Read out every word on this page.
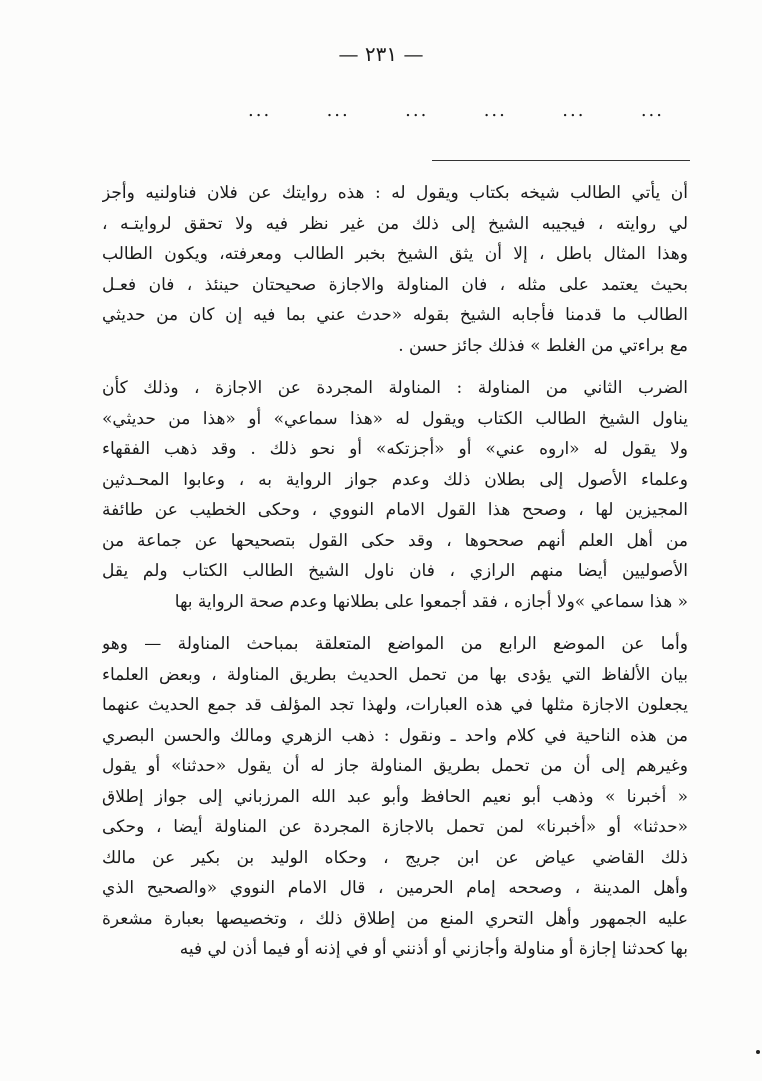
— ٢٣١ —
...	...	...	...	...	...

أن يأتي الطالب شيخه بكتاب ويقول له : هذه روايتك عن فلان فناولنيه وأجز
لي روايته ، فيجيبه الشيخ إلى ذلك من غير نظر فيه ولا تحقق لروايتـه ،
وهذا المثال باطل ، إلا أن يثق الشيخ بخبر الطالب ومعرفته، ويكون الطالب
بحيث يعتمد على مثله ، فان المناولة والاجازة صحيحتان حينئذ ، فان فعـل
الطالب ما قدمنا فأجابه الشيخ بقوله «حدث عني بما فيه إن كان من حديثي
مع براءتي من الغلط » فذلك جائز حسن .

الضرب الثاني من المناولة : المناولة المجردة عن الاجازة ، وذلك كأن
يناول الشيخ الطالب الكتاب ويقول له «هذا سماعي» أو «هذا من حديثي»
ولا يقول له «اروه عني» أو «أجزتكه» أو نحو ذلك . وقد ذهب الفقهاء
وعلماء الأصول إلى بطلان ذلك وعدم جواز الرواية به ، وعابوا المحـدثين
المجيزين لها ، وصحح هذا القول الامام النووي ، وحكى الخطيب عن طائفة
من أهل العلم أنهم صححوها ، وقد حكى القول بتصحيحها عن جماعة من
الأصوليين أيضا منهم الرازي ، فان ناول الشيخ الطالب الكتاب ولم يقل
« هذا سماعي »ولا أجازه ، فقد أجمعوا على بطلانها وعدم صحة الرواية بها

وأما عن الموضع الرابع من المواضع المتعلقة بمباحث المناولة — وهو
بيان الألفاظ التي يؤدى بها من تحمل الحديث بطريق المناولة ، وبعض العلماء
يجعلون الاجازة مثلها في هذه العبارات، ولهذا تجد المؤلف قد جمع الحديث عنهما
من هذه الناحية في كلام واحد ـ ونقول : ذهب الزهري ومالك والحسن البصري
وغيرهم إلى أن من تحمل بطريق المناولة جاز له أن يقول «حدثنا» أو يقول
« أخبرنا » وذهب أبو نعيم الحافظ وأبو عبد الله المرزباني إلى جواز إطلاق
«حدثنا» أو «أخبرنا» لمن تحمل بالاجازة المجردة عن المناولة أيضا ، وحكى
ذلك القاضي عياض عن ابن جريج ، وحكاه الوليد بن بكير عن مالك
وأهل المدينة ، وصححه إمام الحرمين ، قال الامام النووي «والصحيح الذي
عليه الجمهور وأهل التحري المنع من إطلاق ذلك ، وتخصيصها بعبارة مشعرة
بها كحدثنا إجازة أو مناولة وأجازني أو أذنني أو في إذنه أو فيما أذن لي فيه
